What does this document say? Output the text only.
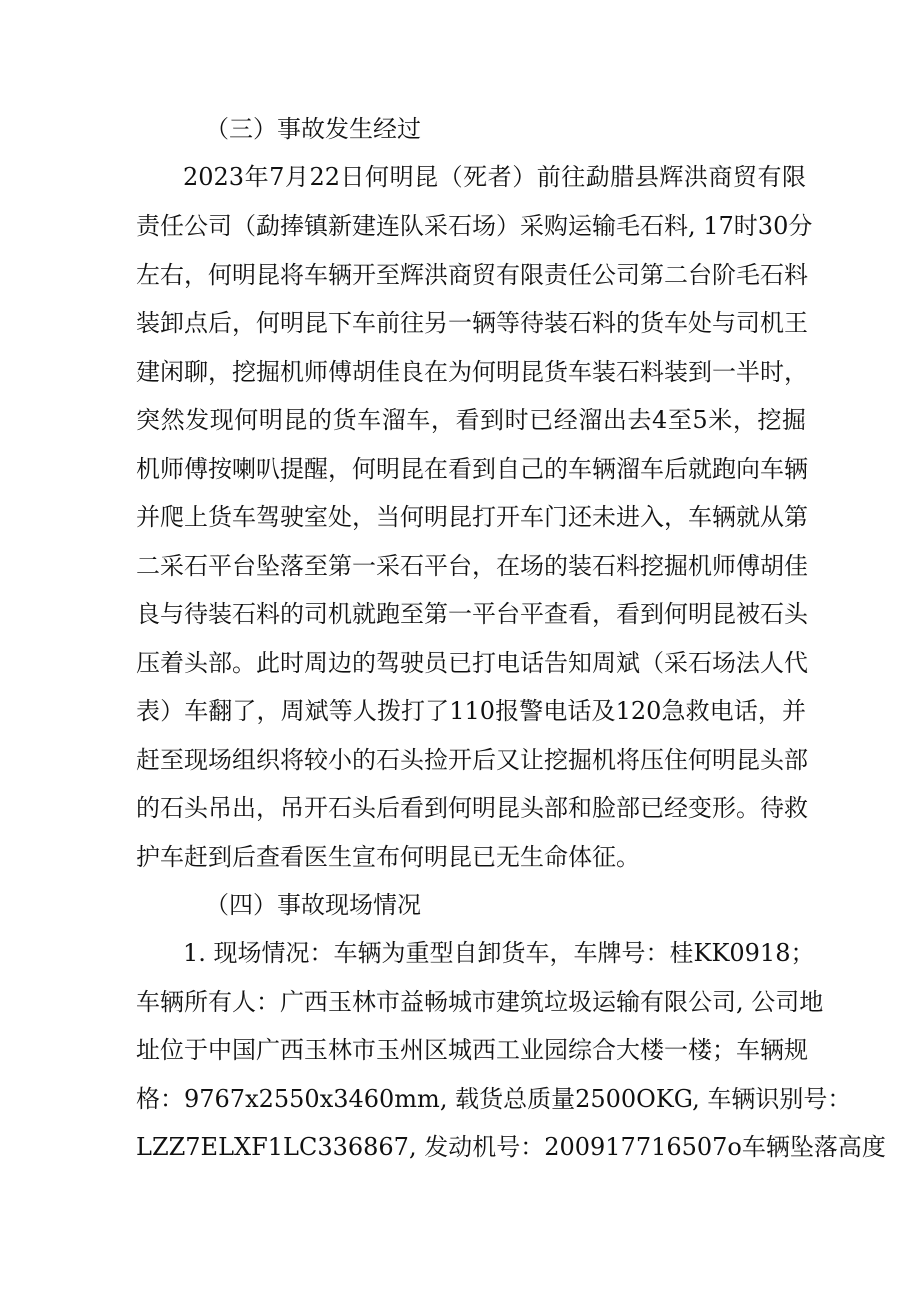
（三）事故发生经过
2023年7月22日何明昆（死者）前往勐腊县辉洪商贸有限
责任公司（勐捧镇新建连队采石场）采购运输毛石料, 17时30分
左右，何明昆将车辆开至辉洪商贸有限责任公司第二台阶毛石料
装卸点后，何明昆下车前往另一辆等待装石料的货车处与司机王
建闲聊，挖掘机师傅胡佳良在为何明昆货车装石料装到一半时，
突然发现何明昆的货车溜车，看到时已经溜出去4至5米，挖掘
机师傅按喇叭提醒，何明昆在看到自己的车辆溜车后就跑向车辆
并爬上货车驾驶室处，当何明昆打开车门还未进入，车辆就从第
二采石平台坠落至第一采石平台，在场的装石料挖掘机师傅胡佳
良与待装石料的司机就跑至第一平台平查看，看到何明昆被石头
压着头部。此时周边的驾驶员已打电话告知周斌（采石场法人代
表）车翻了，周斌等人拨打了110报警电话及120急救电话，并
赶至现场组织将较小的石头捡开后又让挖掘机将压住何明昆头部
的石头吊出，吊开石头后看到何明昆头部和脸部已经变形。待救
护车赶到后查看医生宣布何明昆已无生命体征。
（四）事故现场情况
1. 现场情况：车辆为重型自卸货车，车牌号：桂KK0918；
车辆所有人：广西玉林市益畅城市建筑垃圾运输有限公司, 公司地
址位于中国广西玉林市玉州区城西工业园综合大楼一楼；车辆规
格：9767x2550x3460mm, 载货总质量2500OKG, 车辆识别号：
LZZ7ELXF1LC336867, 发动机号：200917716507o车辆坠落高度
